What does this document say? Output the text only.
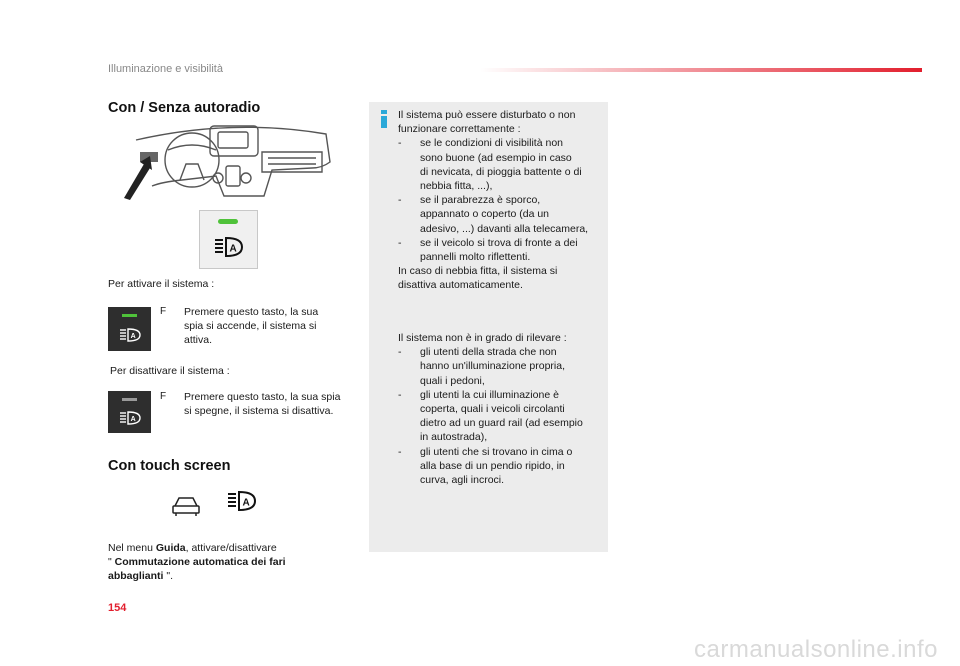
Illuminazione e visibilità
Con / Senza autoradio
A
Per attivare il sistema :
A
F	Premere questo tasto, la sua
spia si accende, il sistema si
attiva.
Per disattivare il sistema :
A
F	Premere questo tasto, la sua spia
si spegne, il sistema si disattiva.
Con touch screen
A
Nel menu Guida, attivare/disattivare
" Commutazione automatica dei fari
abbaglianti ".
Il sistema può essere disturbato o non
funzionare correttamente :
-	se le condizioni di visibilità non
sono buone (ad esempio in caso
di nevicata, di pioggia battente o di
nebbia fitta, ...),
-	se il parabrezza è sporco,
appannato o coperto (da un
adesivo, ...) davanti alla telecamera,
-	se il veicolo si trova di fronte a dei
pannelli molto riflettenti.
In caso di nebbia fitta, il sistema si
disattiva automaticamente.
Il sistema non è in grado di rilevare :
-	gli utenti della strada che non
hanno un'illuminazione propria,
quali i pedoni,
-	gli utenti la cui illuminazione è
coperta, quali i veicoli circolanti
dietro ad un guard rail (ad esempio
in autostrada),
-	gli utenti che si trovano in cima o
alla base di un pendio ripido, in
curva, agli incroci.
154
carmanualsonline.info
